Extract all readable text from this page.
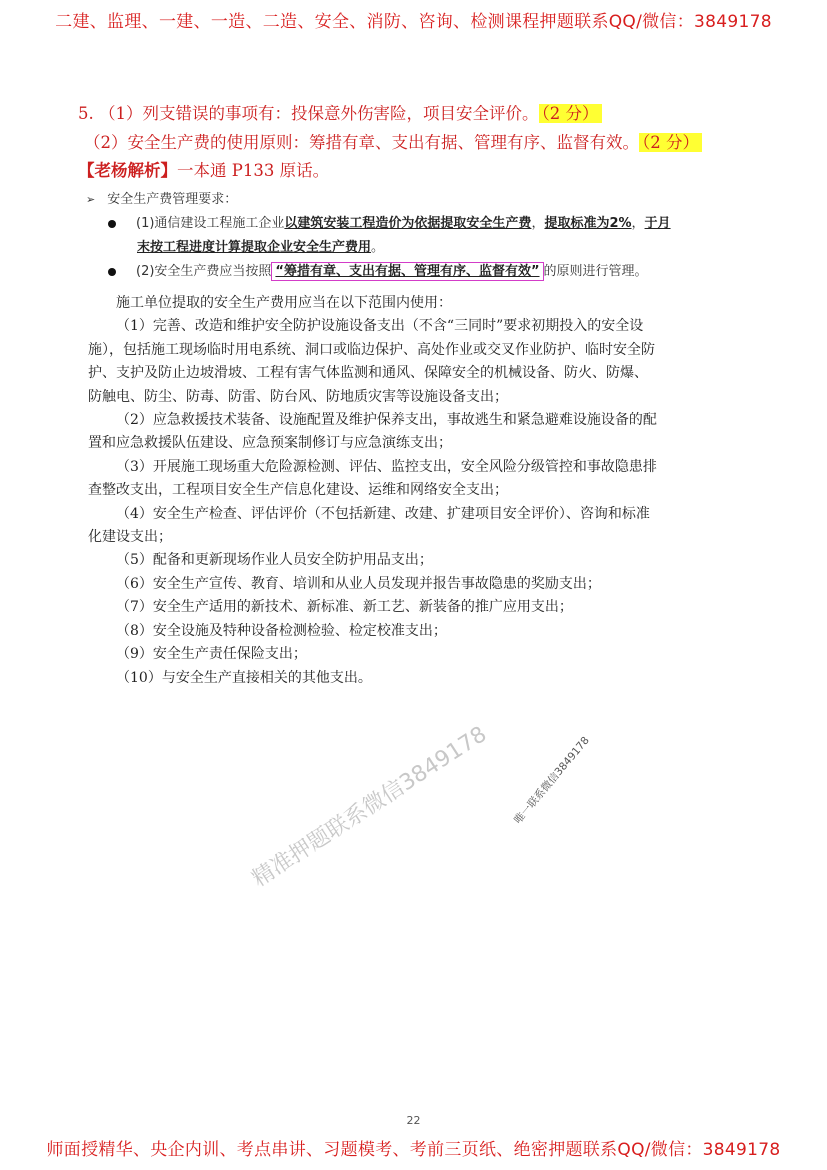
二建、监理、一建、一造、二造、安全、消防、咨询、检测课程押题联系QQ/微信：3849178
5. （1）列支错误的事项有：投保意外伤害险，项目安全评价。 （2 分）
（2）安全生产费的使用原则：筹措有章、支出有据、管理有序、监督有效。 （2 分）
【老杨解析】一本通 P133 原话。
➢ 安全生产费管理要求：
(1)通信建设工程施工企业以建筑安装工程造价为依据提取安全生产费，提取标准为2%，于月
末按工程进度计算提取企业安全生产费用。
(2)安全生产费应当按照 “筹措有章、支出有据、管理有序、监督有效” 的原则进行管理。

施工单位提取的安全生产费用应当在以下范围内使用：

（1）完善、改造和维护安全防护设施设备支出（不含“三同时”要求初期投入的安全设施），包括施工现场临时用电系统、洞口或临边保护、高处作业或交叉作业防护、临时安全防护、支护及防止边坡滑坡、工程有害气体监测和通风、保障安全的机械设备、防火、防爆、防触电、防尘、防毒、防雷、防台风、防地质灾害等设施设备支出；

（2）应急救援技术装备、设施配置及维护保养支出，事故逃生和紧急避难设施设备的配置和应急救援队伍建设、应急预案制修订与应急演练支出；

（3）开展施工现场重大危险源检测、评估、监控支出，安全风险分级管控和事故隐患排查整改支出，工程项目安全生产信息化建设、运维和网络安全支出；

（4）安全生产检查、评估评价（不包括新建、改建、扩建项目安全评价）、咨询和标准化建设支出；

（5）配备和更新现场作业人员安全防护用品支出；

（6）安全生产宣传、教育、培训和从业人员发现并报告事故隐患的奖励支出；

（7）安全生产适用的新技术、新标准、新工艺、新装备的推广应用支出；

（8）安全设施及特种设备检测检验、检定校准支出；

（9）安全生产责任保险支出；

（10）与安全生产直接相关的其他支出。

精准押题联系微信3849178 唯一联系微信3849178
22
师面授精华、央企内训、考点串讲、习题模考、考前三页纸、绝密押题联系QQ/微信：3849178
